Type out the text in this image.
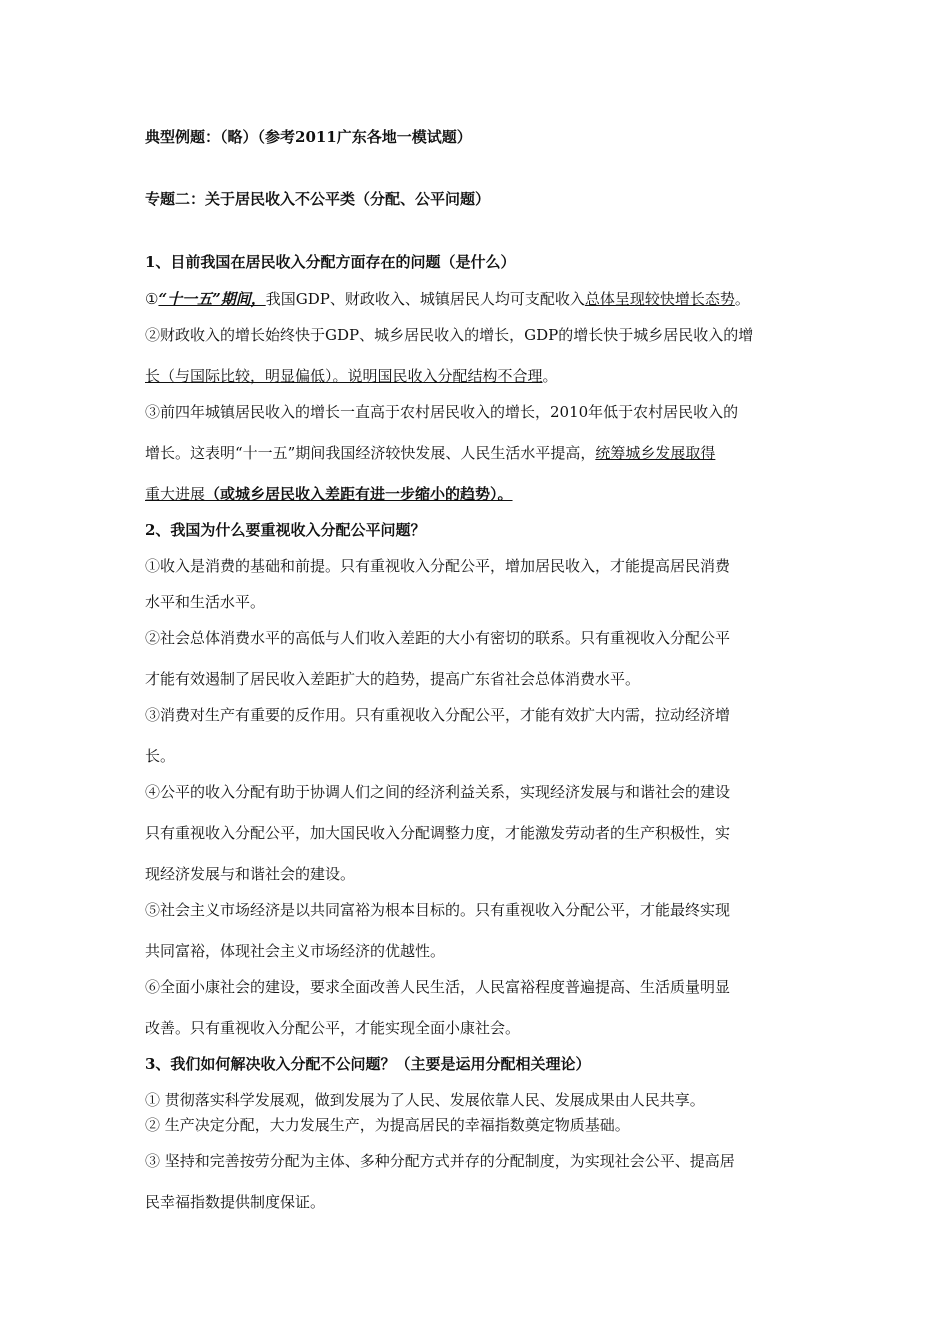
典型例题：（略）（参考2011广东各地一模试题）
专题二：关于居民收入不公平类（分配、公平问题）
1、目前我国在居民收入分配方面存在的问题（是什么）
①“十一五”期间，我国GDP、财政收入、城镇居民人均可支配收入总体呈现较快增长态势。
②财政收入的增长始终快于GDP、城乡居民收入的增长，GDP的增长快于城乡居民收入的增
长（与国际比较，明显偏低）。说明国民收入分配结构不合理。
③前四年城镇居民收入的增长一直高于农村居民收入的增长，2010年低于农村居民收入的
增长。这表明“十一五”期间我国经济较快发展、人民生活水平提高，统筹城乡发展取得
重大进展（或城乡居民收入差距有进一步缩小的趋势）。
2、我国为什么要重视收入分配公平问题？
①收入是消费的基础和前提。只有重视收入分配公平，增加居民收入，才能提高居民消费
水平和生活水平。
②社会总体消费水平的高低与人们收入差距的大小有密切的联系。只有重视收入分配公平
才能有效遏制了居民收入差距扩大的趋势，提高广东省社会总体消费水平。
③消费对生产有重要的反作用。只有重视收入分配公平，才能有效扩大内需，拉动经济增
长。
④公平的收入分配有助于协调人们之间的经济利益关系，实现经济发展与和谐社会的建设
只有重视收入分配公平，加大国民收入分配调整力度，才能激发劳动者的生产积极性，实
现经济发展与和谐社会的建设。
⑤社会主义市场经济是以共同富裕为根本目标的。只有重视收入分配公平，才能最终实现
共同富裕，体现社会主义市场经济的优越性。
⑥全面小康社会的建设，要求全面改善人民生活，人民富裕程度普遍提高、生活质量明显
改善。只有重视收入分配公平，才能实现全面小康社会。
3、我们如何解决收入分配不公问题？（主要是运用分配相关理论）
① 贯彻落实科学发展观，做到发展为了人民、发展依靠人民、发展成果由人民共享。
② 生产决定分配，大力发展生产，为提高居民的幸福指数奠定物质基础。
③ 坚持和完善按劳分配为主体、多种分配方式并存的分配制度，为实现社会公平、提高居
民幸福指数提供制度保证。
